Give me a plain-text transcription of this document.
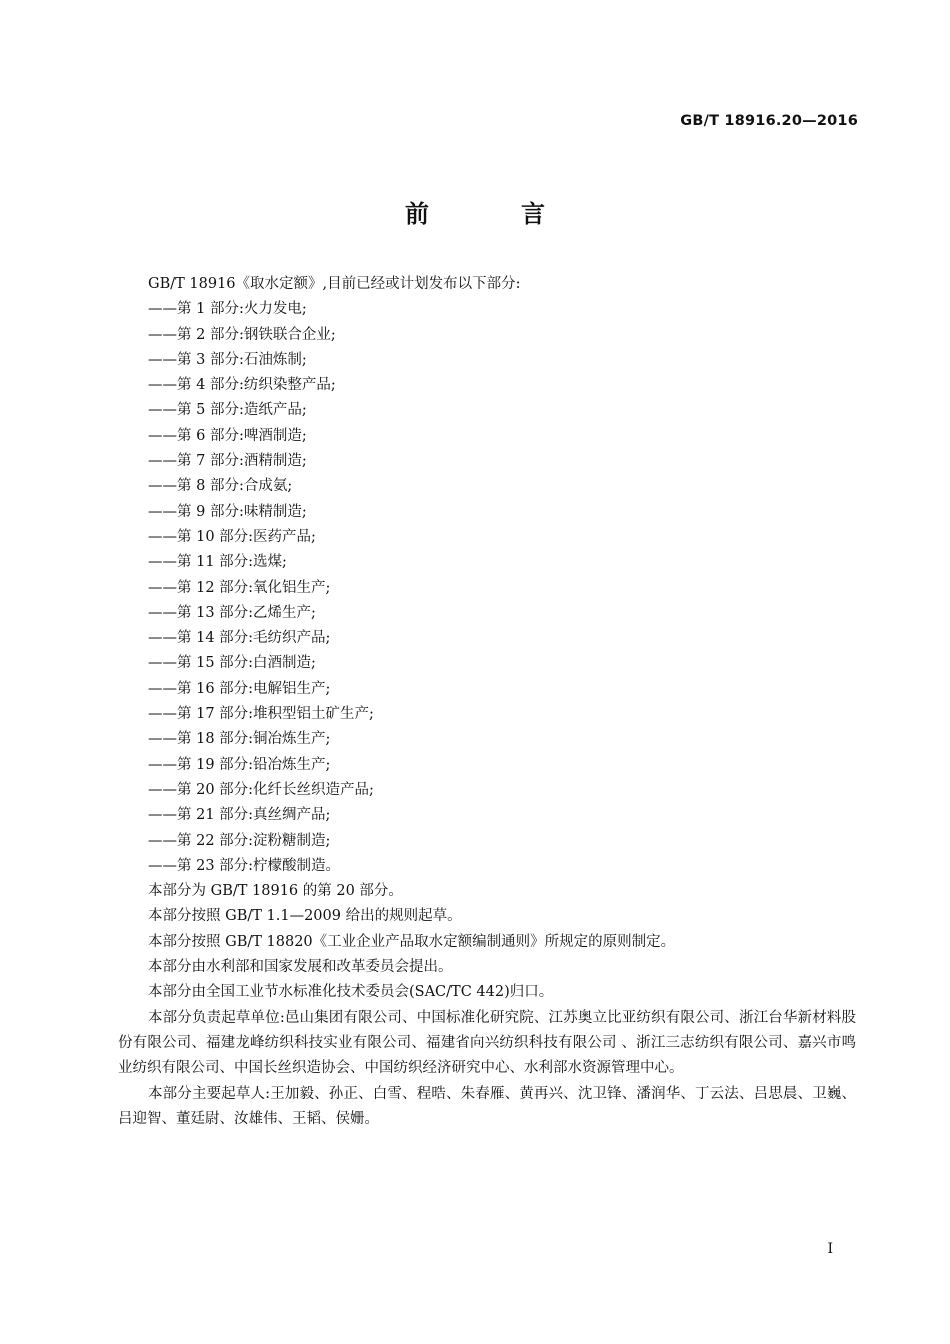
GB/T 18916.20—2016
前　言

GB/T 18916《取水定额》,目前已经或计划发布以下部分:

——第 1 部分:火力发电;

——第 2 部分:钢铁联合企业;

——第 3 部分:石油炼制;

——第 4 部分:纺织染整产品;

——第 5 部分:造纸产品;

——第 6 部分:啤酒制造;

——第 7 部分:酒精制造;

——第 8 部分:合成氨;

——第 9 部分:味精制造;

——第 10 部分:医药产品;

——第 11 部分:选煤;

——第 12 部分:氧化铝生产;

——第 13 部分:乙烯生产;

——第 14 部分:毛纺织产品;

——第 15 部分:白酒制造;

——第 16 部分:电解铝生产;

——第 17 部分:堆积型铝土矿生产;

——第 18 部分:铜冶炼生产;

——第 19 部分:铅冶炼生产;

——第 20 部分:化纤长丝织造产品;

——第 21 部分:真丝绸产品;

——第 22 部分:淀粉糖制造;

——第 23 部分:柠檬酸制造。

本部分为 GB/T 18916 的第 20 部分。

本部分按照 GB/T 1.1—2009 给出的规则起草。

本部分按照 GB/T 18820《工业企业产品取水定额编制通则》所规定的原则制定。

本部分由水利部和国家发展和改革委员会提出。

本部分由全国工业节水标准化技术委员会(SAC/TC 442)归口。

本部分负责起草单位:邑山集团有限公司、中国标准化研究院、江苏奥立比亚纺织有限公司、浙江台华新材料股份有限公司、福建龙峰纺织科技实业有限公司、福建省向兴纺织科技有限公司 、浙江三志纺织有限公司、嘉兴市鸣业纺织有限公司、中国长丝织造协会、中国纺织经济研究中心、水利部水资源管理中心。

本部分主要起草人:王加毅、孙正、白雪、程晧、朱春雁、黄再兴、沈卫锋、潘润华、丁云法、吕思晨、卫巍、吕迎智、董廷尉、汝雄伟、王韬、侯姗。

I
